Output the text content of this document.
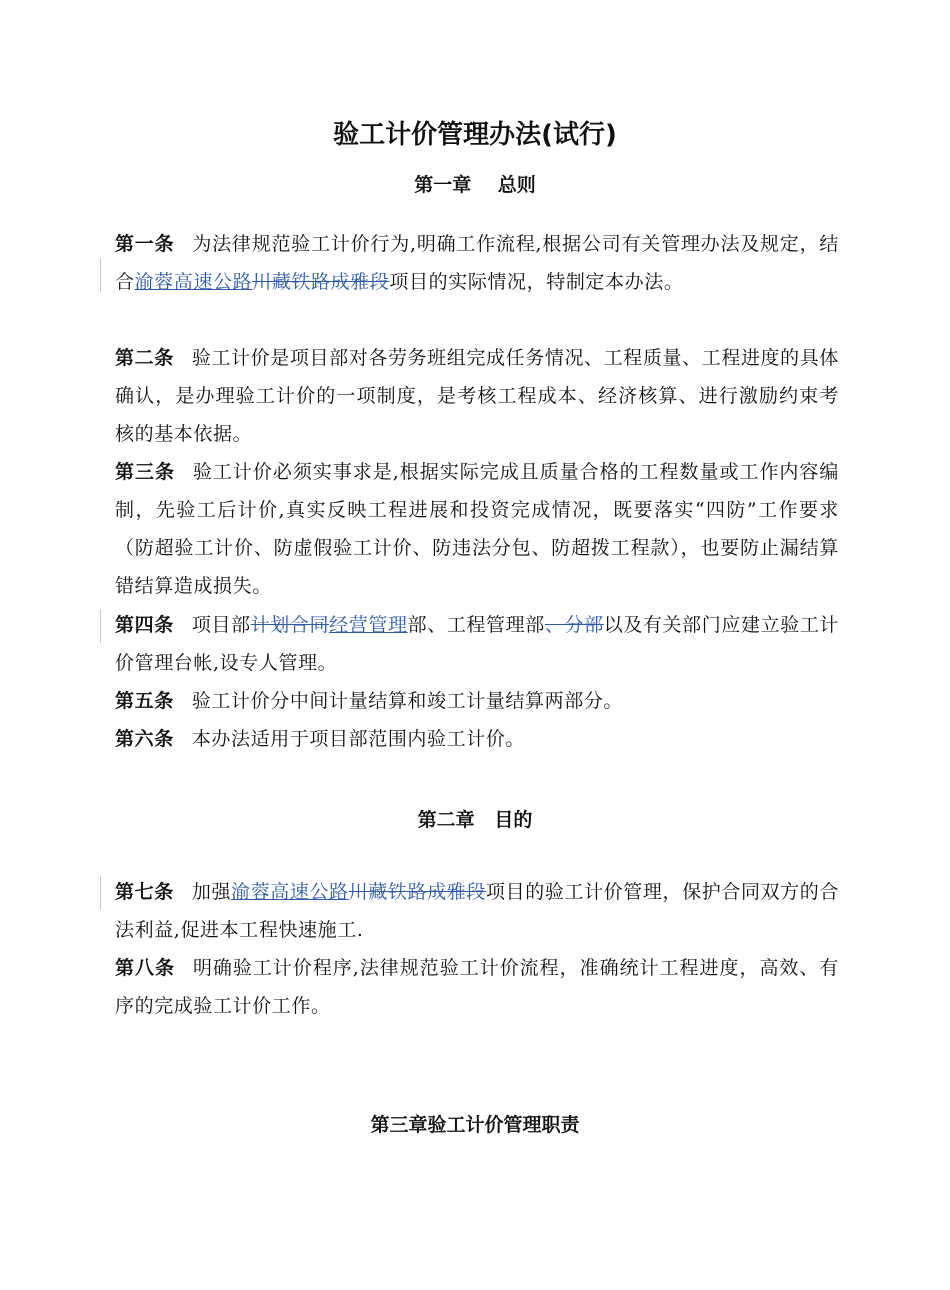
验工计价管理办法(试行)
第一章    总则

第一条 为法律规范验工计价行为,明确工作流程,根据公司有关管理办法及规定，结合渝蓉高速公路川藏铁路成雅段项目的实际情况，特制定本办法。

第二条 验工计价是项目部对各劳务班组完成任务情况、工程质量、工程进度的具体确认，是办理验工计价的一项制度，是考核工程成本、经济核算、进行激励约束考核的基本依据。

第三条 验工计价必须实事求是,根据实际完成且质量合格的工程数量或工作内容编制，先验工后计价,真实反映工程进展和投资完成情况，既要落实“四防”工作要求（防超验工计价、防虚假验工计价、防违法分包、防超拨工程款），也要防止漏结算错结算造成损失。

第四条 项目部计划合同经营管理部、工程管理部、分部以及有关部门应建立验工计价管理台帐,设专人管理。

第五条 验工计价分中间计量结算和竣工计量结算两部分。

第六条 本办法适用于项目部范围内验工计价。

第二章   目的

第七条 加强渝蓉高速公路川藏铁路成雅段项目的验工计价管理，保护合同双方的合法利益,促进本工程快速施工.

第八条 明确验工计价程序,法律规范验工计价流程，准确统计工程进度，高效、有序的完成验工计价工作。

第三章验工计价管理职责
